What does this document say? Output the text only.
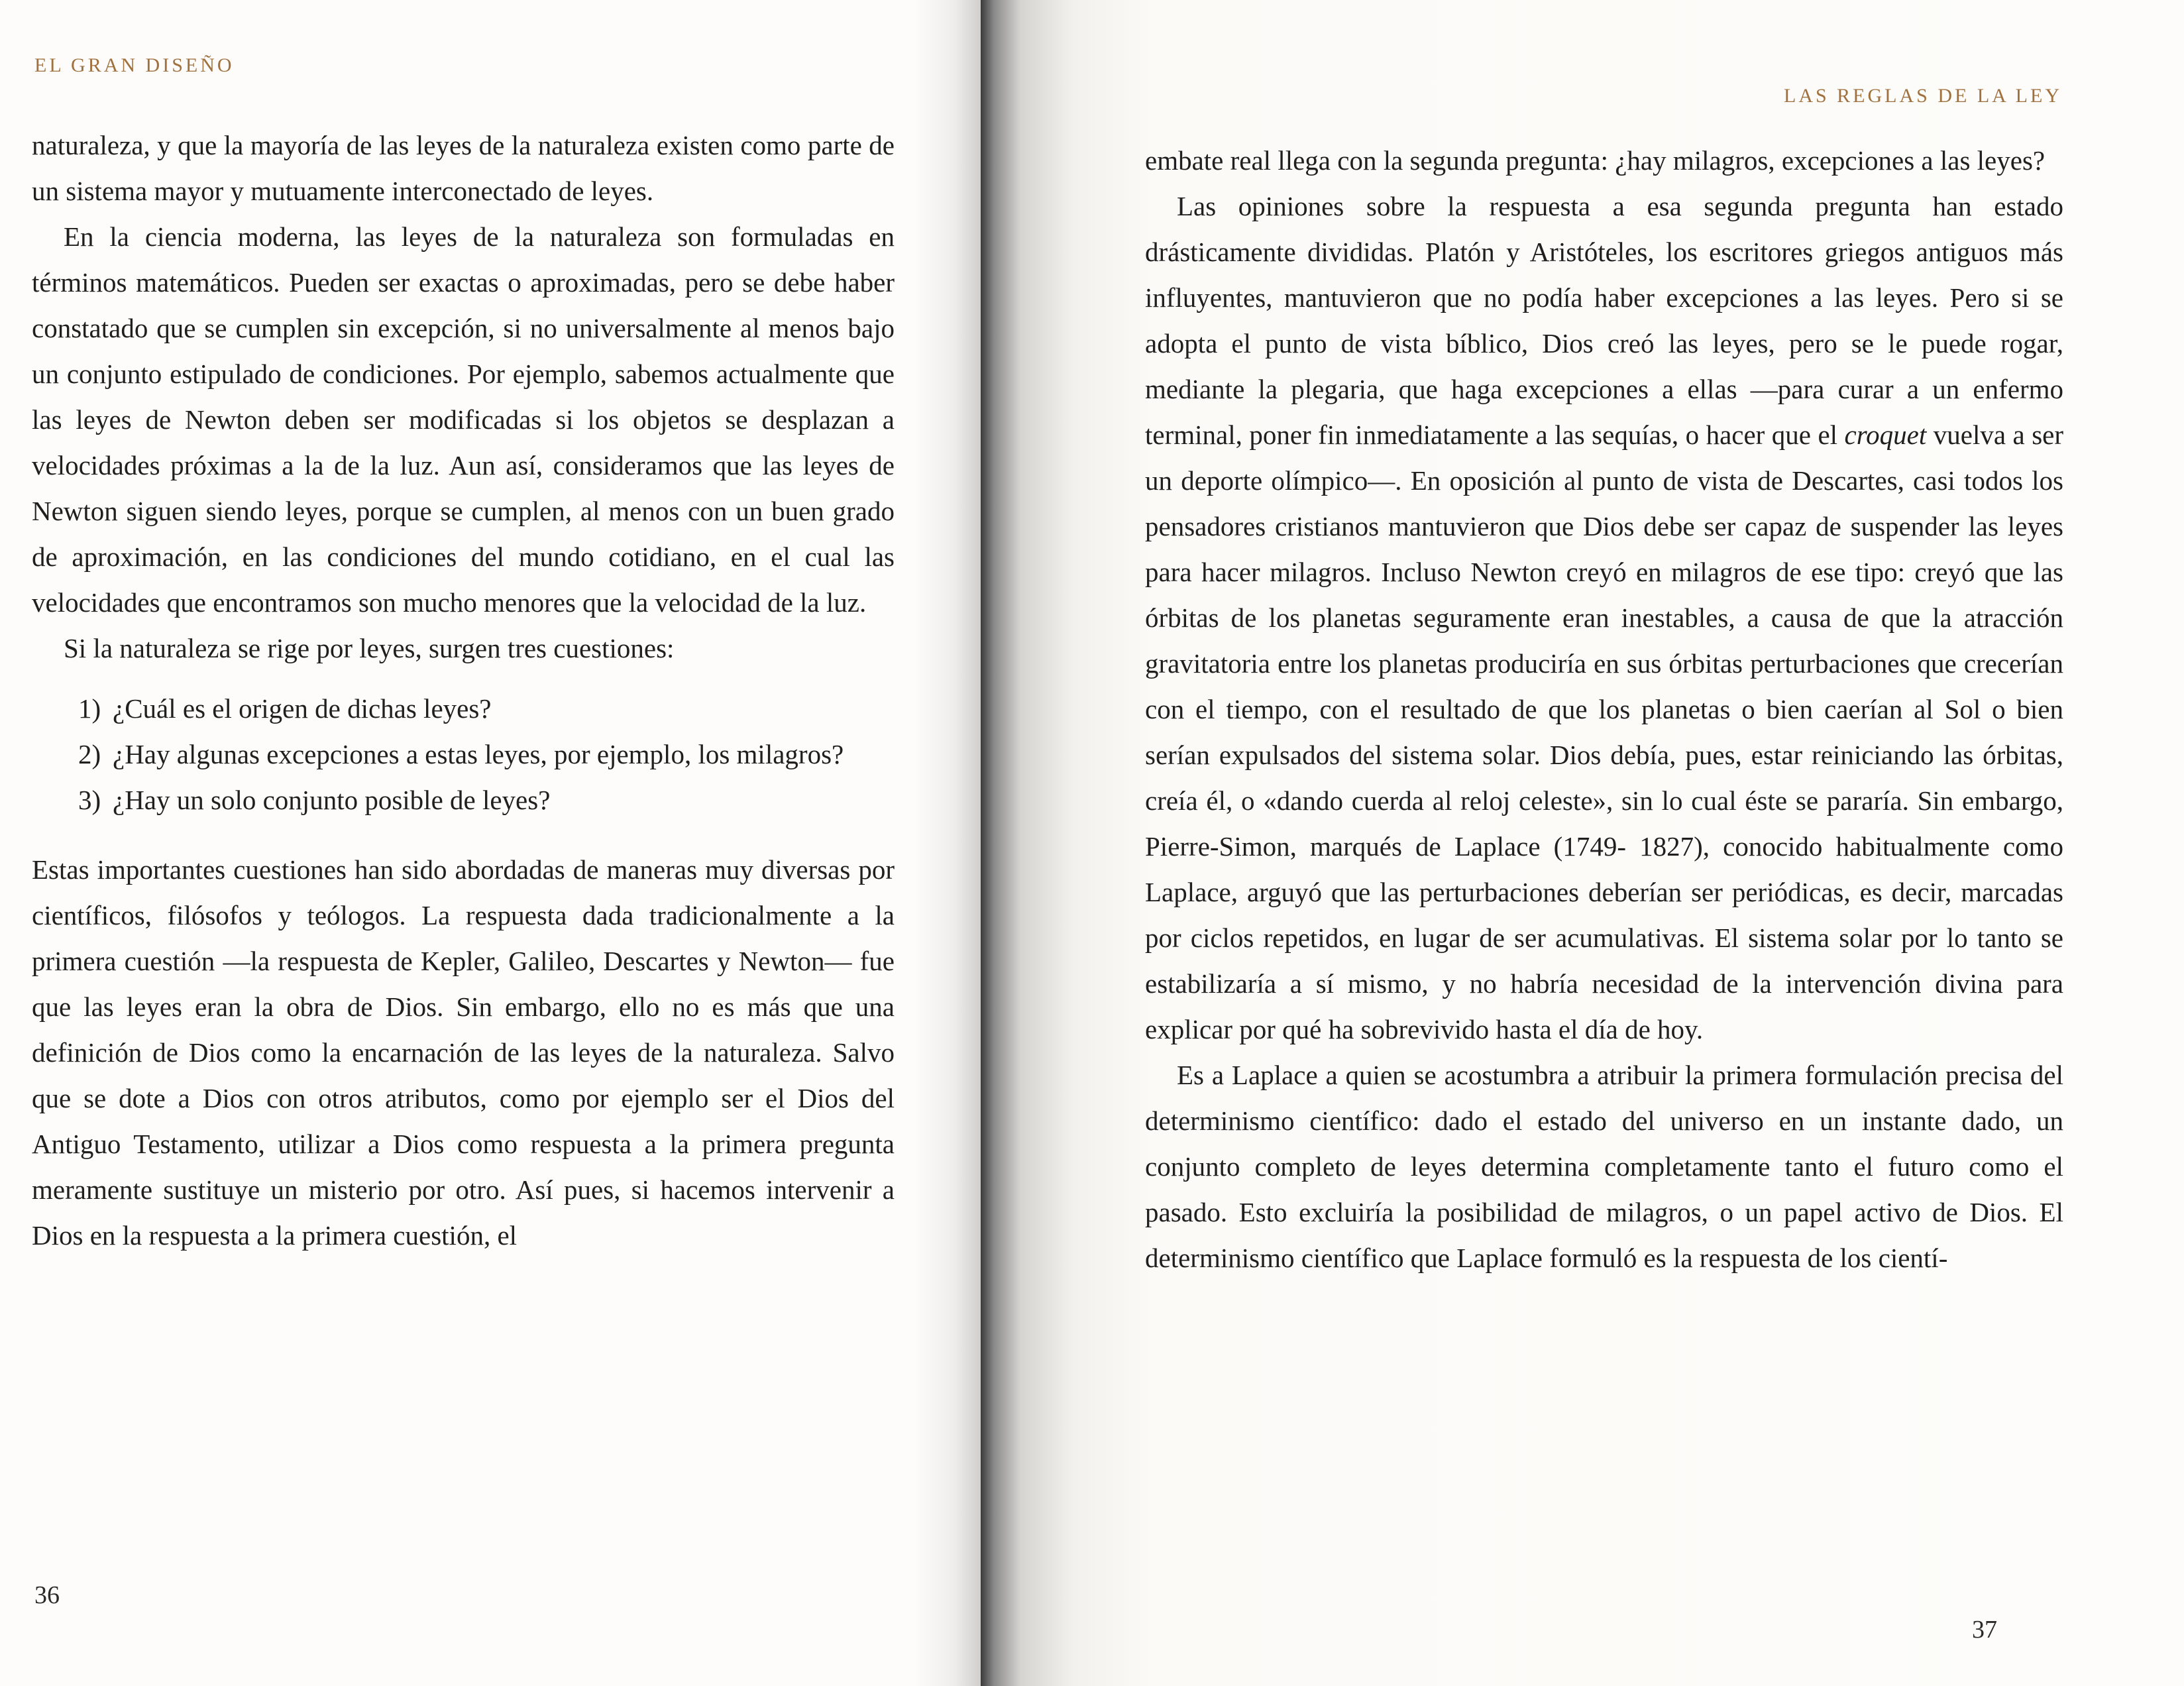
EL GRAN DISEÑO

naturaleza, y que la mayoría de las leyes de la naturaleza existen como parte de un sistema mayor y mutuamente interconectado de leyes.

En la ciencia moderna, las leyes de la naturaleza son formuladas en términos matemáticos. Pueden ser exactas o aproximadas, pero se debe haber constatado que se cumplen sin excepción, si no universalmente al menos bajo un conjunto estipulado de condiciones. Por ejemplo, sabemos actualmente que las leyes de Newton deben ser modificadas si los objetos se desplazan a velocidades próximas a la de la luz. Aun así, consideramos que las leyes de Newton siguen siendo leyes, porque se cumplen, al menos con un buen grado de aproximación, en las condiciones del mundo cotidiano, en el cual las velocidades que encontramos son mucho menores que la velocidad de la luz.

Si la naturaleza se rige por leyes, surgen tres cuestiones:

1) ¿Cuál es el origen de dichas leyes?
2) ¿Hay algunas excepciones a estas leyes, por ejemplo, los milagros?
3) ¿Hay un solo conjunto posible de leyes?

Estas importantes cuestiones han sido abordadas de maneras muy diversas por científicos, filósofos y teólogos. La respuesta dada tradicionalmente a la primera cuestión —la respuesta de Kepler, Galileo, Descartes y Newton— fue que las leyes eran la obra de Dios. Sin embargo, ello no es más que una definición de Dios como la encarnación de las leyes de la naturaleza. Salvo que se dote a Dios con otros atributos, como por ejemplo ser el Dios del Antiguo Testamento, utilizar a Dios como respuesta a la primera pregunta meramente sustituye un misterio por otro. Así pues, si hacemos intervenir a Dios en la respuesta a la primera cuestión, el

36
LAS REGLAS DE LA LEY

embate real llega con la segunda pregunta: ¿hay milagros, excepciones a las leyes?

Las opiniones sobre la respuesta a esa segunda pregunta han estado drásticamente divididas. Platón y Aristóteles, los escritores griegos antiguos más influyentes, mantuvieron que no podía haber excepciones a las leyes. Pero si se adopta el punto de vista bíblico, Dios creó las leyes, pero se le puede rogar, mediante la plegaria, que haga excepciones a ellas —para curar a un enfermo terminal, poner fin inmediatamente a las sequías, o hacer que el croquet vuelva a ser un deporte olímpico—. En oposición al punto de vista de Descartes, casi todos los pensadores cristianos mantuvieron que Dios debe ser capaz de suspender las leyes para hacer milagros. Incluso Newton creyó en milagros de ese tipo: creyó que las órbitas de los planetas seguramente eran inestables, a causa de que la atracción gravitatoria entre los planetas produciría en sus órbitas perturbaciones que crecerían con el tiempo, con el resultado de que los planetas o bien caerían al Sol o bien serían expulsados del sistema solar. Dios debía, pues, estar reiniciando las órbitas, creía él, o «dando cuerda al reloj celeste», sin lo cual éste se pararía. Sin embargo, Pierre-Simon, marqués de Laplace (1749- 1827), conocido habitualmente como Laplace, arguyó que las perturbaciones deberían ser periódicas, es decir, marcadas por ciclos repetidos, en lugar de ser acumulativas. El sistema solar por lo tanto se estabilizaría a sí mismo, y no habría necesidad de la intervención divina para explicar por qué ha sobrevivido hasta el día de hoy.

Es a Laplace a quien se acostumbra a atribuir la primera formulación precisa del determinismo científico: dado el estado del universo en un instante dado, un conjunto completo de leyes determina completamente tanto el futuro como el pasado. Esto excluiría la posibilidad de milagros, o un papel activo de Dios. El determinismo científico que Laplace formuló es la respuesta de los cientí-

37
